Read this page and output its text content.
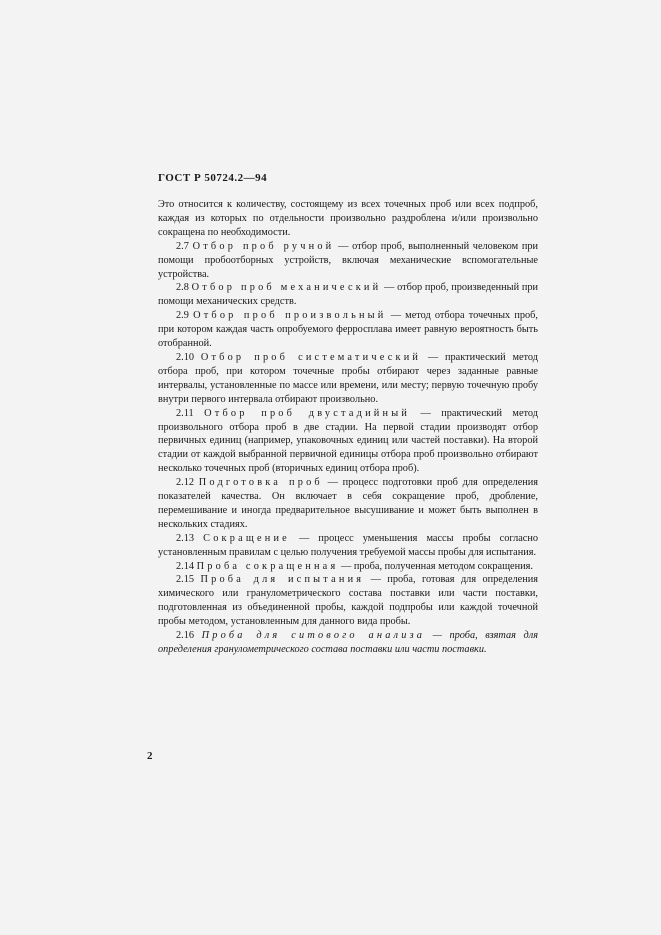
ГОСТ Р 50724.2—94

Это относится к количеству, состоящему из всех точечных проб или всех подпроб, каждая из которых по отдельности произвольно раздроблена и/или произвольно сокращена по необходимости.

2.7 Отбор проб ручной — отбор проб, выполненный человеком при помощи пробоотборных устройств, включая механические вспомогательные устройства.

2.8 Отбор проб механический — отбор проб, произведенный при помощи механических средств.

2.9 Отбор проб произвольный — метод отбора точечных проб, при котором каждая часть опробуемого ферросплава имеет равную вероятность быть отобранной.

2.10 Отбор проб систематический — практический метод отбора проб, при котором точечные пробы отбирают через заданные равные интервалы, установленные по массе или времени, или месту; первую точечную пробу внутри первого интервала отбирают произвольно.

2.11 Отбор проб двустадийный — практический метод произвольного отбора проб в две стадии. На первой стадии производят отбор первичных единиц (например, упаковочных единиц или частей поставки). На второй стадии от каждой выбранной первичной единицы отбора проб произвольно отбирают несколько точечных проб (вторичных единиц отбора проб).

2.12 Подготовка проб — процесс подготовки проб для определения показателей качества. Он включает в себя сокращение проб, дробление, перемешивание и иногда предварительное высушивание и может быть выполнен в нескольких стадиях.

2.13 Сокращение — процесс уменьшения массы пробы согласно установленным правилам с целью получения требуемой массы пробы для испытания.

2.14 Проба сокращенная — проба, полученная методом сокращения.

2.15 Проба для испытания — проба, готовая для определения химического или гранулометрического состава поставки или части поставки, подготовленная из объединенной пробы, каждой подпробы или каждой точечной пробы методом, установленным для данного вида пробы.

2.16 Проба для ситового анализа — проба, взятая для определения гранулометрического состава поставки или части поставки.

2
